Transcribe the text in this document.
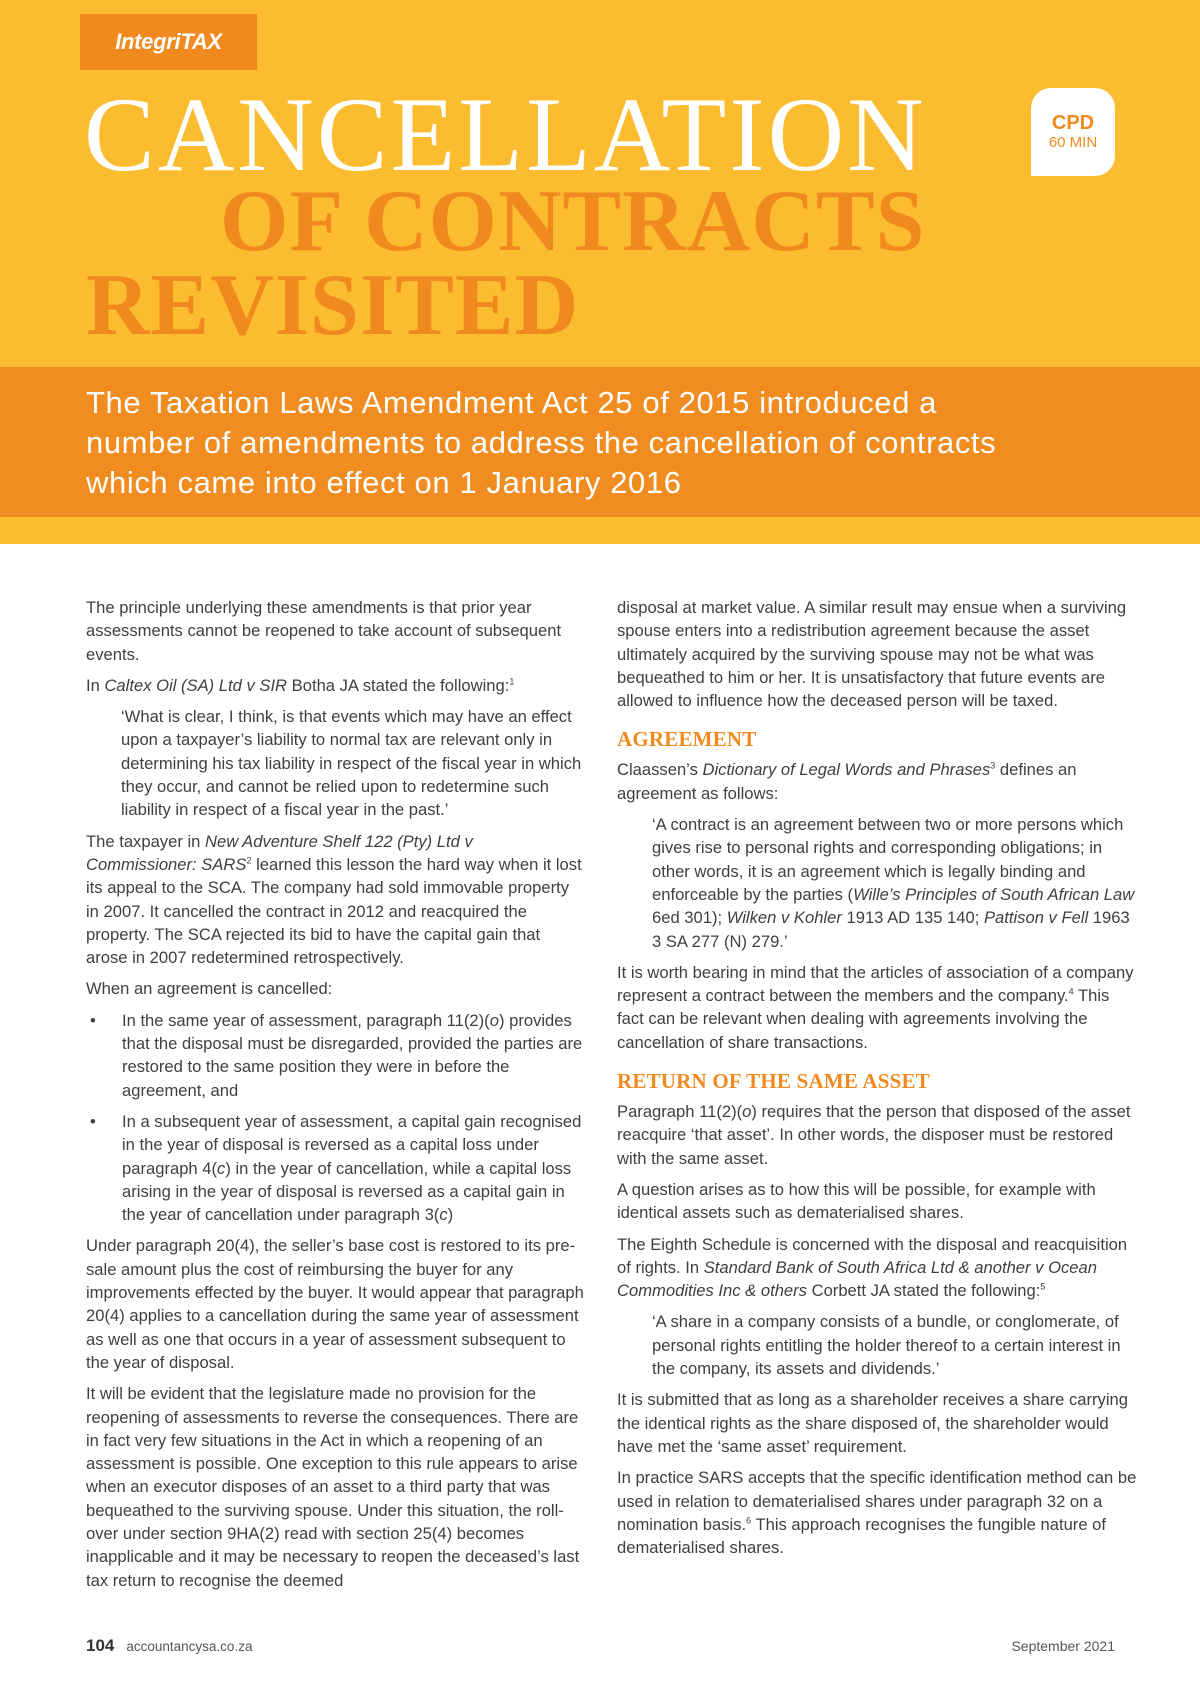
IntegriTAX
CANCELLATION
OF CONTRACTS
REVISITED
CPD
60 MIN
The Taxation Laws Amendment Act 25 of 2015 introduced a
number of amendments to address the cancellation of contracts
which came into effect on 1 January 2016

The principle underlying these amendments is that prior year assessments cannot be reopened to take account of subsequent events.

In Caltex Oil (SA) Ltd v SIR Botha JA stated the following:$^1$

‘What is clear, I think, is that events which may have an effect upon a taxpayer’s liability to normal tax are relevant only in determining his tax liability in respect of the fiscal year in which they occur, and cannot be relied upon to redetermine such liability in respect of a fiscal year in the past.’

The taxpayer in New Adventure Shelf 122 (Pty) Ltd v Commissioner: SARS$^2$ learned this lesson the hard way when it lost its appeal to the SCA. The company had sold immovable property in 2007. It cancelled the contract in 2012 and reacquired the property. The SCA rejected its bid to have the capital gain that arose in 2007 redetermined retrospectively.

When an agreement is cancelled:

• In the same year of assessment, paragraph 11(2)(o) provides that the disposal must be disregarded, provided the parties are restored to the same position they were in before the agreement, and
• In a subsequent year of assessment, a capital gain recognised in the year of disposal is reversed as a capital loss under paragraph 4(c) in the year of cancellation, while a capital loss arising in the year of disposal is reversed as a capital gain in the year of cancellation under paragraph 3(c)

Under paragraph 20(4), the seller’s base cost is restored to its pre-sale amount plus the cost of reimbursing the buyer for any improvements effected by the buyer. It would appear that paragraph 20(4) applies to a cancellation during the same year of assessment as well as one that occurs in a year of assessment subsequent to the year of disposal.

It will be evident that the legislature made no provision for the reopening of assessments to reverse the consequences. There are in fact very few situations in the Act in which a reopening of an assessment is possible. One exception to this rule appears to arise when an executor disposes of an asset to a third party that was bequeathed to the surviving spouse. Under this situation, the roll-over under section 9HA(2) read with section 25(4) becomes inapplicable and it may be necessary to reopen the deceased’s last tax return to recognise the deemed

disposal at market value. A similar result may ensue when a surviving spouse enters into a redistribution agreement because the asset ultimately acquired by the surviving spouse may not be what was bequeathed to him or her. It is unsatisfactory that future events are allowed to influence how the deceased person will be taxed.

AGREEMENT

Claassen’s Dictionary of Legal Words and Phrases$^3$ defines an agreement as follows:

‘A contract is an agreement between two or more persons which gives rise to personal rights and corresponding obligations; in other words, it is an agreement which is legally binding and enforceable by the parties (Wille’s Principles of South African Law 6ed 301); Wilken v Kohler 1913 AD 135 140; Pattison v Fell 1963 3 SA 277 (N) 279.’

It is worth bearing in mind that the articles of association of a company represent a contract between the members and the company.$^4$ This fact can be relevant when dealing with agreements involving the cancellation of share transactions.

RETURN OF THE SAME ASSET

Paragraph 11(2)(o) requires that the person that disposed of the asset reacquire ‘that asset’. In other words, the disposer must be restored with the same asset.

A question arises as to how this will be possible, for example with identical assets such as dematerialised shares.

The Eighth Schedule is concerned with the disposal and reacquisition of rights. In Standard Bank of South Africa Ltd & another v Ocean Commodities Inc & others Corbett JA stated the following:$^5$

‘A share in a company consists of a bundle, or conglomerate, of personal rights entitling the holder thereof to a certain interest in the company, its assets and dividends.’

It is submitted that as long as a shareholder receives a share carrying the identical rights as the share disposed of, the shareholder would have met the ‘same asset’ requirement.

In practice SARS accepts that the specific identification method can be used in relation to dematerialised shares under paragraph 32 on a nomination basis.$^6$ This approach recognises the fungible nature of dematerialised shares.

104 accountancysa.co.za	September 2021
